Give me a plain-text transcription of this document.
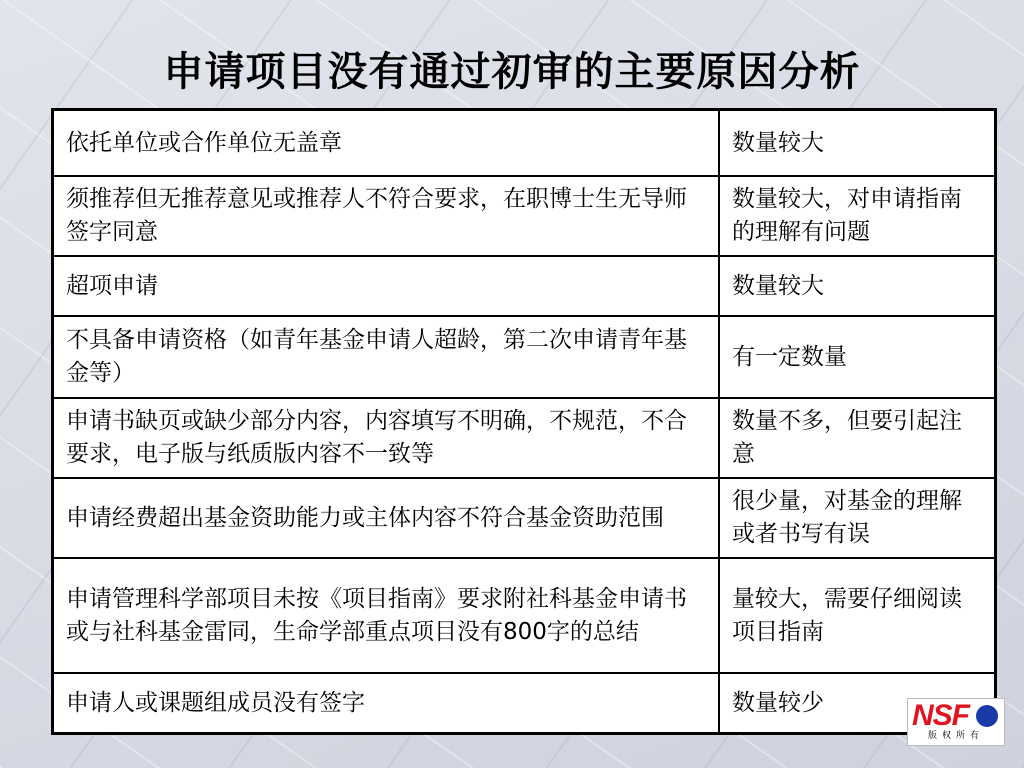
申请项目没有通过初审的主要原因分析
依托单位或合作单位无盖章	数量较大
须推荐但无推荐意见或推荐人不符合要求，在职博士生无导师签字同意	数量较大，对申请指南的理解有问题
超项申请	数量较大
不具备申请资格（如青年基金申请人超龄，第二次申请青年基金等）	有一定数量
申请书缺页或缺少部分内容，内容填写不明确，不规范，不合要求，电子版与纸质版内容不一致等	数量不多，但要引起注意
申请经费超出基金资助能力或主体内容不符合基金资助范围	很少量，对基金的理解或者书写有误
申请管理科学部项目未按《项目指南》要求附社科基金申请书或与社科基金雷同，生命学部重点项目没有800字的总结	量较大，需要仔细阅读项目指南
申请人或课题组成员没有签字	数量较少	NSF
版权所有
